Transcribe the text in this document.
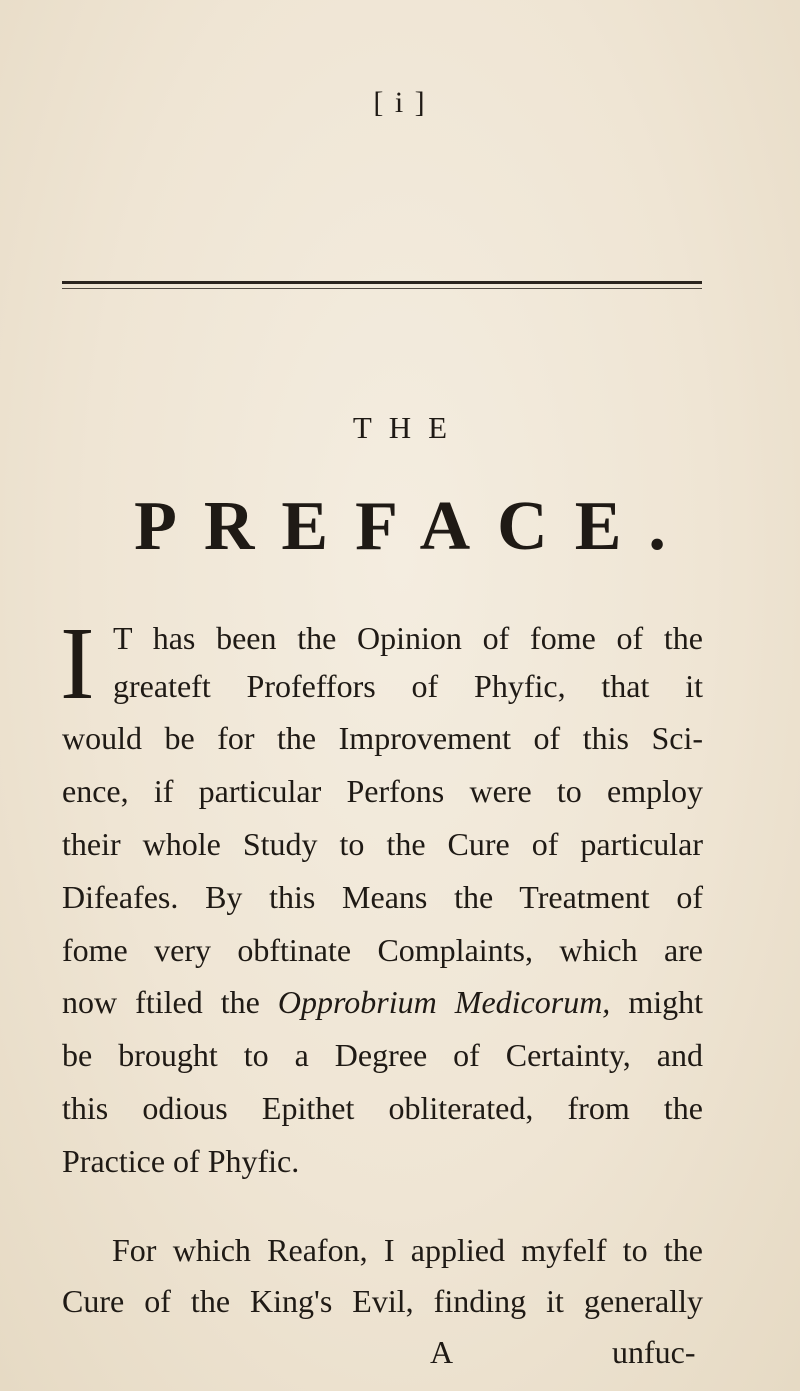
[ i ]
THE
PREFACE.
I T has been the Opinion of fome of the
greateft Profeffors of Phyfic, that it
would be for the Improvement of this Sci-
ence, if particular Perfons were to employ
their whole Study to the Cure of particular
Difeafes. By this Means the Treatment of
fome very obftinate Complaints, which are
now ftiled the Opprobrium Medicorum, might
be brought to a Degree of Certainty, and
this odious Epithet obliterated, from the
Practice of Phyfic.
For which Reafon, I applied myfelf to the
Cure of the King's Evil, finding it generally
A	unfuc-
